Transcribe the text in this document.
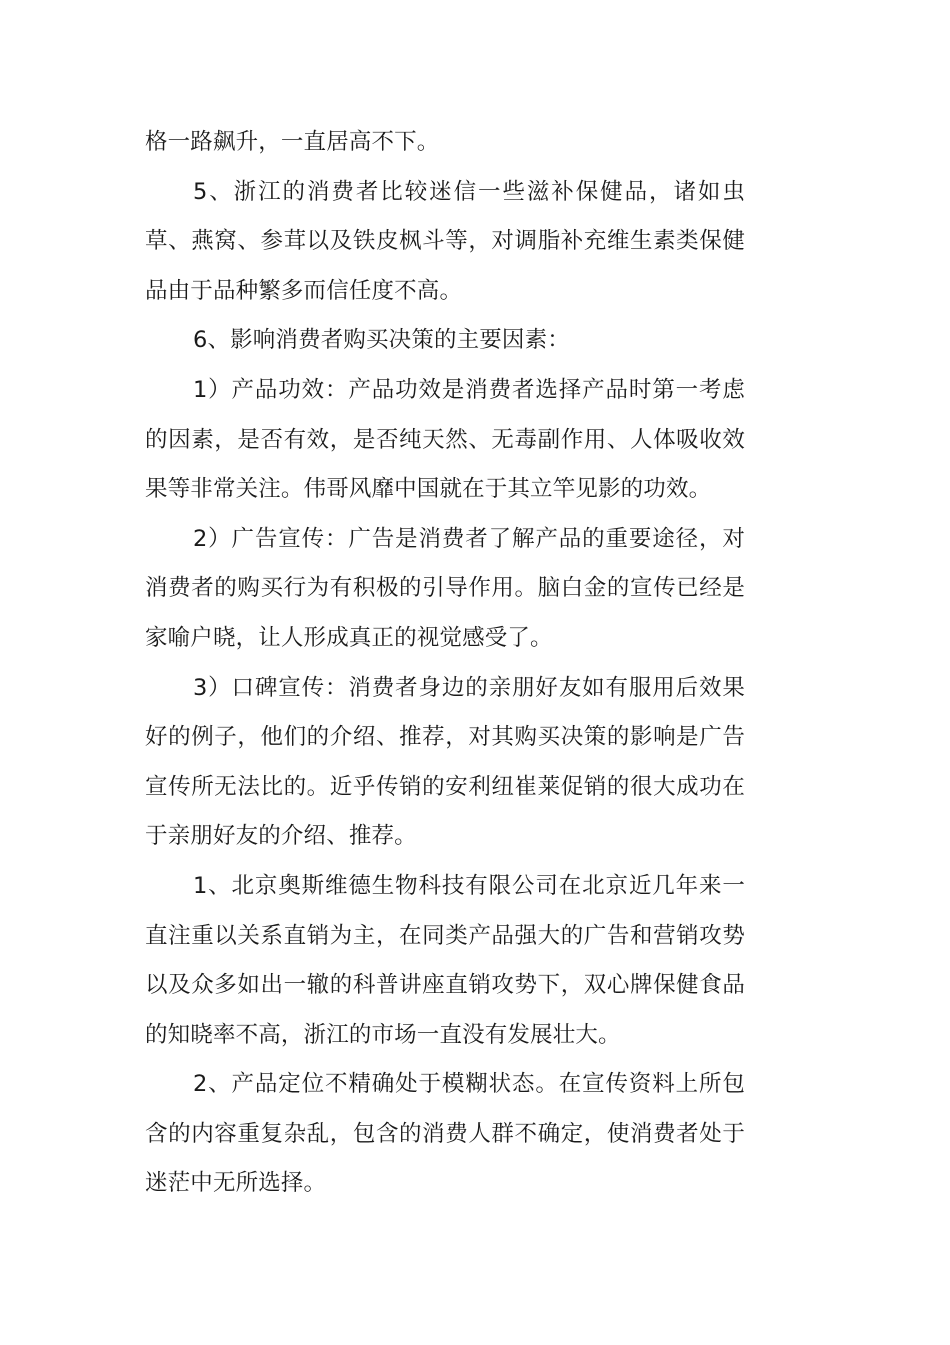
格一路飙升，一直居高不下。

5、浙江的消费者比较迷信一些滋补保健品，诸如虫草、燕窝、参茸以及铁皮枫斗等，对调脂补充维生素类保健品由于品种繁多而信任度不高。

6、影响消费者购买决策的主要因素：

1）产品功效：产品功效是消费者选择产品时第一考虑的因素，是否有效，是否纯天然、无毒副作用、人体吸收效果等非常关注。伟哥风靡中国就在于其立竿见影的功效。

2）广告宣传：广告是消费者了解产品的重要途径，对消费者的购买行为有积极的引导作用。脑白金的宣传已经是家喻户晓，让人形成真正的视觉感受了。

3）口碑宣传：消费者身边的亲朋好友如有服用后效果好的例子，他们的介绍、推荐，对其购买决策的影响是广告宣传所无法比的。近乎传销的安利纽崔莱促销的很大成功在于亲朋好友的介绍、推荐。

1、北京奥斯维德生物科技有限公司在北京近几年来一直注重以关系直销为主，在同类产品强大的广告和营销攻势以及众多如出一辙的科普讲座直销攻势下，双心牌保健食品的知晓率不高，浙江的市场一直没有发展壮大。

2、产品定位不精确处于模糊状态。在宣传资料上所包含的内容重复杂乱，包含的消费人群不确定，使消费者处于迷茫中无所选择。
